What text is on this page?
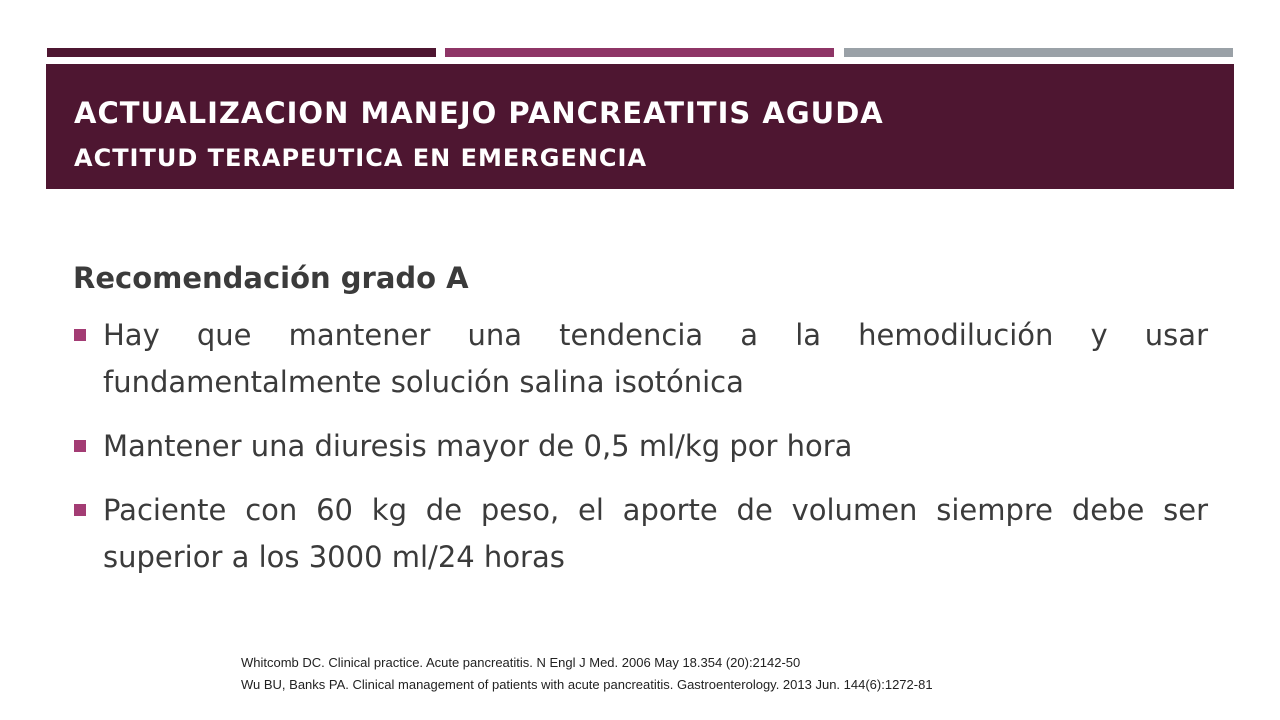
ACTUALIZACION MANEJO PANCREATITIS AGUDA
ACTITUD TERAPEUTICA EN EMERGENCIA
Recomendación grado A
Hay que mantener una tendencia a la hemodilución y usar fundamentalmente solución salina isotónica
Mantener una diuresis mayor de 0,5 ml/kg por hora
Paciente con 60 kg de peso, el aporte de volumen siempre debe ser superior a los 3000 ml/24 horas
Whitcomb DC. Clinical practice. Acute pancreatitis. N Engl J Med. 2006 May 18.354 (20):2142-50
Wu BU, Banks PA. Clinical management of patients with acute pancreatitis. Gastroenterology. 2013 Jun. 144(6):1272-81
